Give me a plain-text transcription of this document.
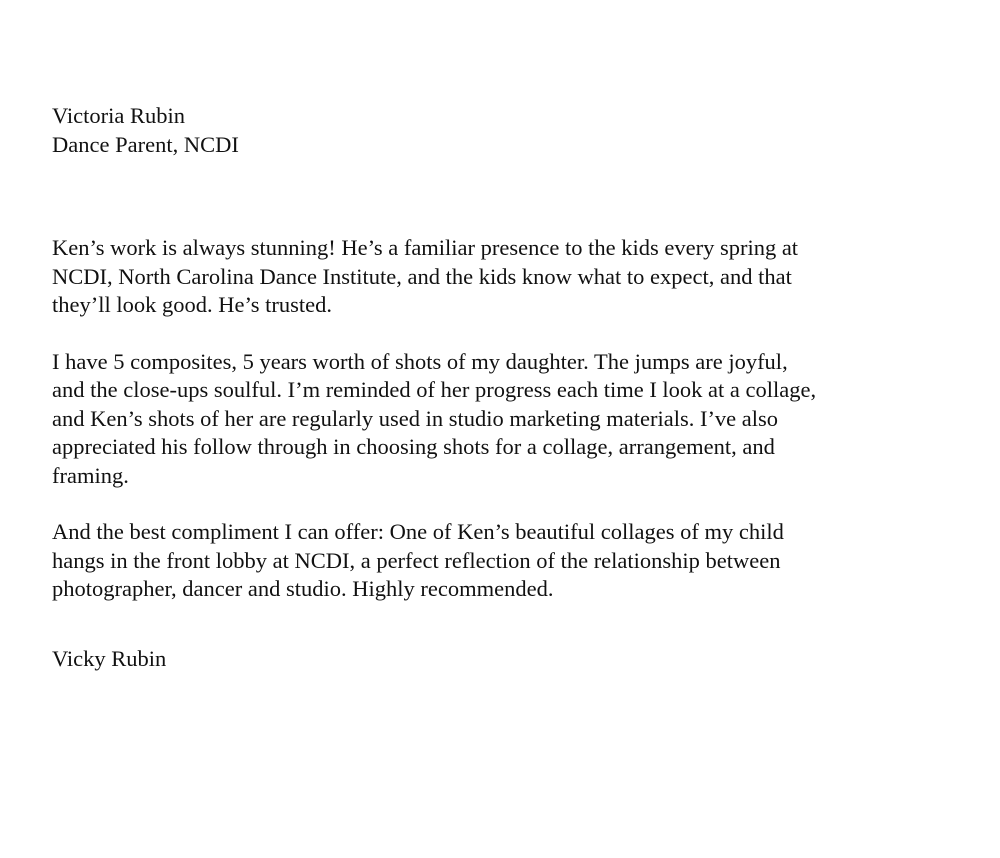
Victoria Rubin
Dance Parent, NCDI
Ken’s work is always stunning! He’s a familiar presence to the kids every spring at
NCDI, North Carolina Dance Institute, and the kids know what to expect, and that
they’ll look good. He’s trusted.
I have 5 composites, 5 years worth of shots of my daughter. The jumps are joyful,
and the close-ups soulful. I’m reminded of her progress each time I look at a collage,
and Ken’s shots of her are regularly used in studio marketing materials. I’ve also
appreciated his follow through in choosing shots for a collage, arrangement, and
framing.
And the best compliment I can offer: One of Ken’s beautiful collages of my child
hangs in the front lobby at NCDI, a perfect reflection of the relationship between
photographer, dancer and studio. Highly recommended.
Vicky Rubin
